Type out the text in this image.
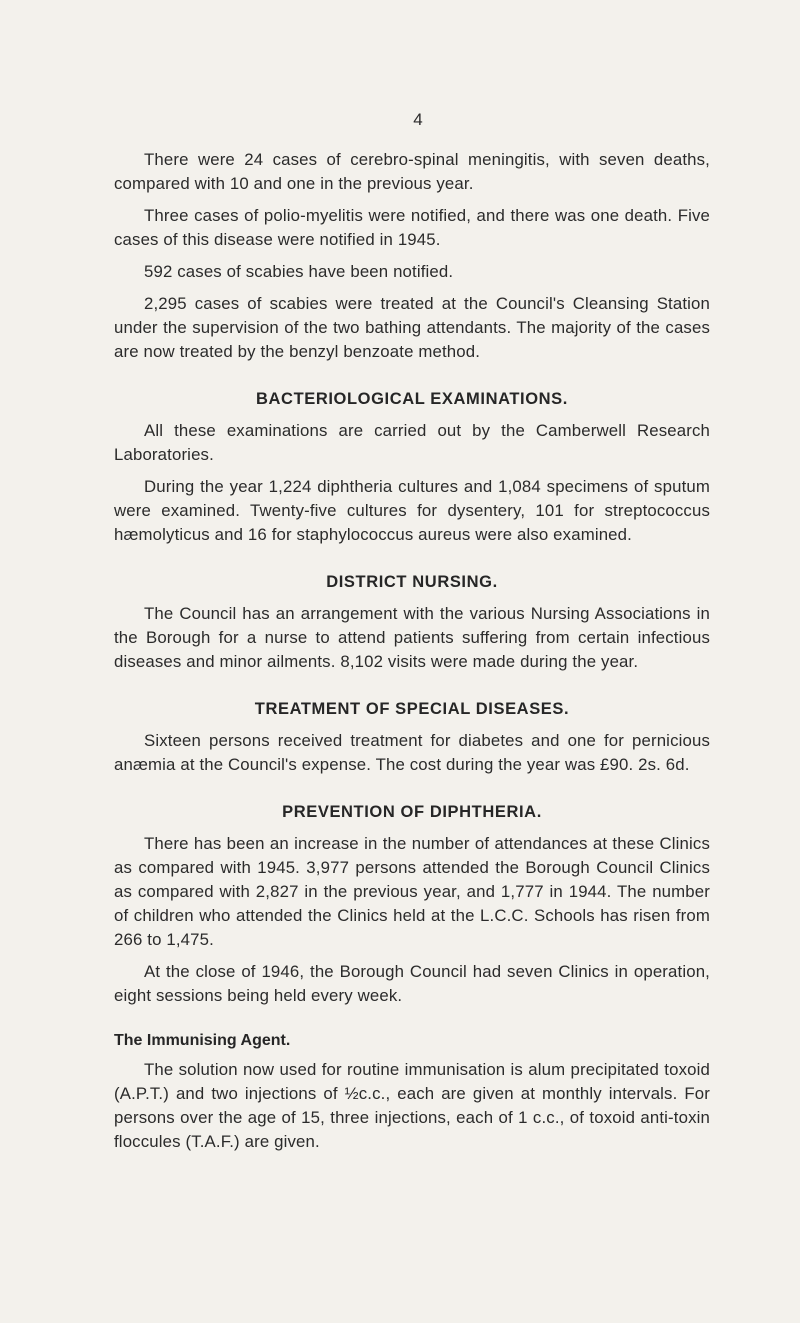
4

There were 24 cases of cerebro-spinal meningitis, with seven deaths, compared with 10 and one in the previous year.

Three cases of polio-myelitis were notified, and there was one death. Five cases of this disease were notified in 1945.

592 cases of scabies have been notified.

2,295 cases of scabies were treated at the Council's Cleansing Station under the supervision of the two bathing attendants. The majority of the cases are now treated by the benzyl benzoate method.

BACTERIOLOGICAL EXAMINATIONS.

All these examinations are carried out by the Camberwell Research Laboratories.

During the year 1,224 diphtheria cultures and 1,084 specimens of sputum were examined. Twenty-five cultures for dysentery, 101 for streptococcus hæmolyticus and 16 for staphylococcus aureus were also examined.

DISTRICT NURSING.

The Council has an arrangement with the various Nursing Associations in the Borough for a nurse to attend patients suffering from certain infectious diseases and minor ailments. 8,102 visits were made during the year.

TREATMENT OF SPECIAL DISEASES.

Sixteen persons received treatment for diabetes and one for pernicious anæmia at the Council's expense. The cost during the year was £90. 2s. 6d.

PREVENTION OF DIPHTHERIA.

There has been an increase in the number of attendances at these Clinics as compared with 1945. 3,977 persons attended the Borough Council Clinics as compared with 2,827 in the previous year, and 1,777 in 1944. The number of children who attended the Clinics held at the L.C.C. Schools has risen from 266 to 1,475.

At the close of 1946, the Borough Council had seven Clinics in operation, eight sessions being held every week.

The Immunising Agent.

The solution now used for routine immunisation is alum precipitated toxoid (A.P.T.) and two injections of ½c.c., each are given at monthly intervals. For persons over the age of 15, three injections, each of 1 c.c., of toxoid anti-toxin floccules (T.A.F.) are given.
